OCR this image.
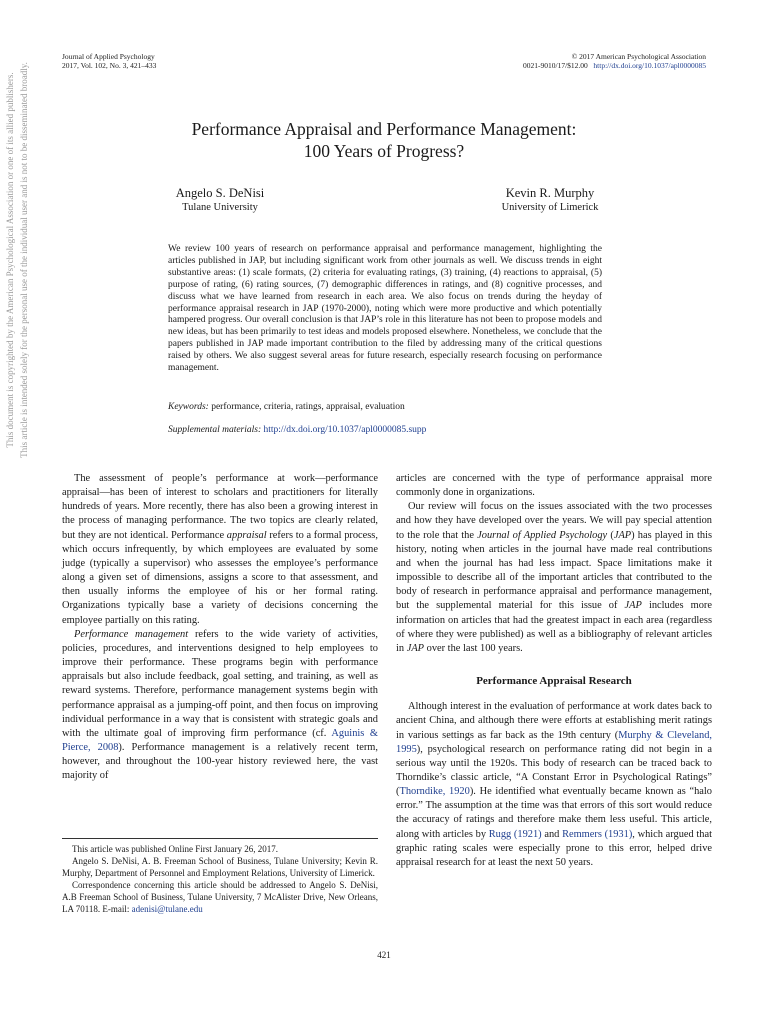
Journal of Applied Psychology
2017, Vol. 102, No. 3, 421–433
© 2017 American Psychological Association
0021-9010/17/$12.00 http://dx.doi.org/10.1037/apl0000085
Performance Appraisal and Performance Management:
100 Years of Progress?
Angelo S. DeNisi
Tulane University
Kevin R. Murphy
University of Limerick

We review 100 years of research on performance appraisal and performance management, highlighting the articles published in JAP, but including significant work from other journals as well. We discuss trends in eight substantive areas: (1) scale formats, (2) criteria for evaluating ratings, (3) training, (4) reactions to appraisal, (5) purpose of rating, (6) rating sources, (7) demographic differences in ratings, and (8) cognitive processes, and discuss what we have learned from research in each area. We also focus on trends during the heyday of performance appraisal research in JAP (1970-2000), noting which were more productive and which potentially hampered progress. Our overall conclusion is that JAP’s role in this literature has not been to propose models and new ideas, but has been primarily to test ideas and models proposed elsewhere. Nonetheless, we conclude that the papers published in JAP made important contribution to the filed by addressing many of the critical questions raised by others. We also suggest several areas for future research, especially research focusing on performance management.

Keywords: performance, criteria, ratings, appraisal, evaluation
Supplemental materials: http://dx.doi.org/10.1037/apl0000085.supp
This document is copyrighted by the American Psychological Association or one of its allied publishers. This article is intended solely for the personal use of the individual user and is not to be disseminated broadly.

The assessment of people’s performance at work—performance appraisal—has been of interest to scholars and practitioners for literally hundreds of years. More recently, there has also been a growing interest in the process of managing performance. The two topics are clearly related, but they are not identical. Performance appraisal refers to a formal process, which occurs infrequently, by which employees are evaluated by some judge (typically a supervisor) who assesses the employee’s performance along a given set of dimensions, assigns a score to that assessment, and then usually informs the employee of his or her formal rating. Organizations typically base a variety of decisions concerning the employee partially on this rating.

Performance management refers to the wide variety of activities, policies, procedures, and interventions designed to help employees to improve their performance. These programs begin with performance appraisals but also include feedback, goal setting, and training, as well as reward systems. Therefore, performance management systems begin with performance appraisal as a jumping-off point, and then focus on improving individual performance in a way that is consistent with strategic goals and with the ultimate goal of improving firm performance (cf. Aguinis & Pierce, 2008). Performance management is a relatively recent term, however, and throughout the 100-year history reviewed here, the vast majority of

articles are concerned with the type of performance appraisal more commonly done in organizations.

Our review will focus on the issues associated with the two processes and how they have developed over the years. We will pay special attention to the role that the Journal of Applied Psychology (JAP) has played in this history, noting when articles in the journal have made real contributions and when the journal has had less impact. Space limitations make it impossible to describe all of the important articles that contributed to the body of research in performance appraisal and performance management, but the supplemental material for this issue of JAP includes more information on articles that had the greatest impact in each area (regardless of where they were published) as well as a bibliography of relevant articles in JAP over the last 100 years.

Performance Appraisal Research

Although interest in the evaluation of performance at work dates back to ancient China, and although there were efforts at establishing merit ratings in various settings as far back as the 19th century (Murphy & Cleveland, 1995), psychological research on performance rating did not begin in a serious way until the 1920s. This body of research can be traced back to Thorndike’s classic article, “A Constant Error in Psychological Ratings” (Thorndike, 1920). He identified what eventually became known as “halo error.” The assumption at the time was that errors of this sort would reduce the accuracy of ratings and therefore make them less useful. This article, along with articles by Rugg (1921) and Remmers (1931), which argued that graphic rating scales were especially prone to this error, helped drive appraisal research for at least the next 50 years.

This article was published Online First January 26, 2017.

Angelo S. DeNisi, A. B. Freeman School of Business, Tulane University; Kevin R. Murphy, Department of Personnel and Employment Relations, University of Limerick.

Correspondence concerning this article should be addressed to Angelo S. DeNisi, A.B Freeman School of Business, Tulane University, 7 McAlister Drive, New Orleans, LA 70118. E-mail: adenisi@tulane.edu

421
